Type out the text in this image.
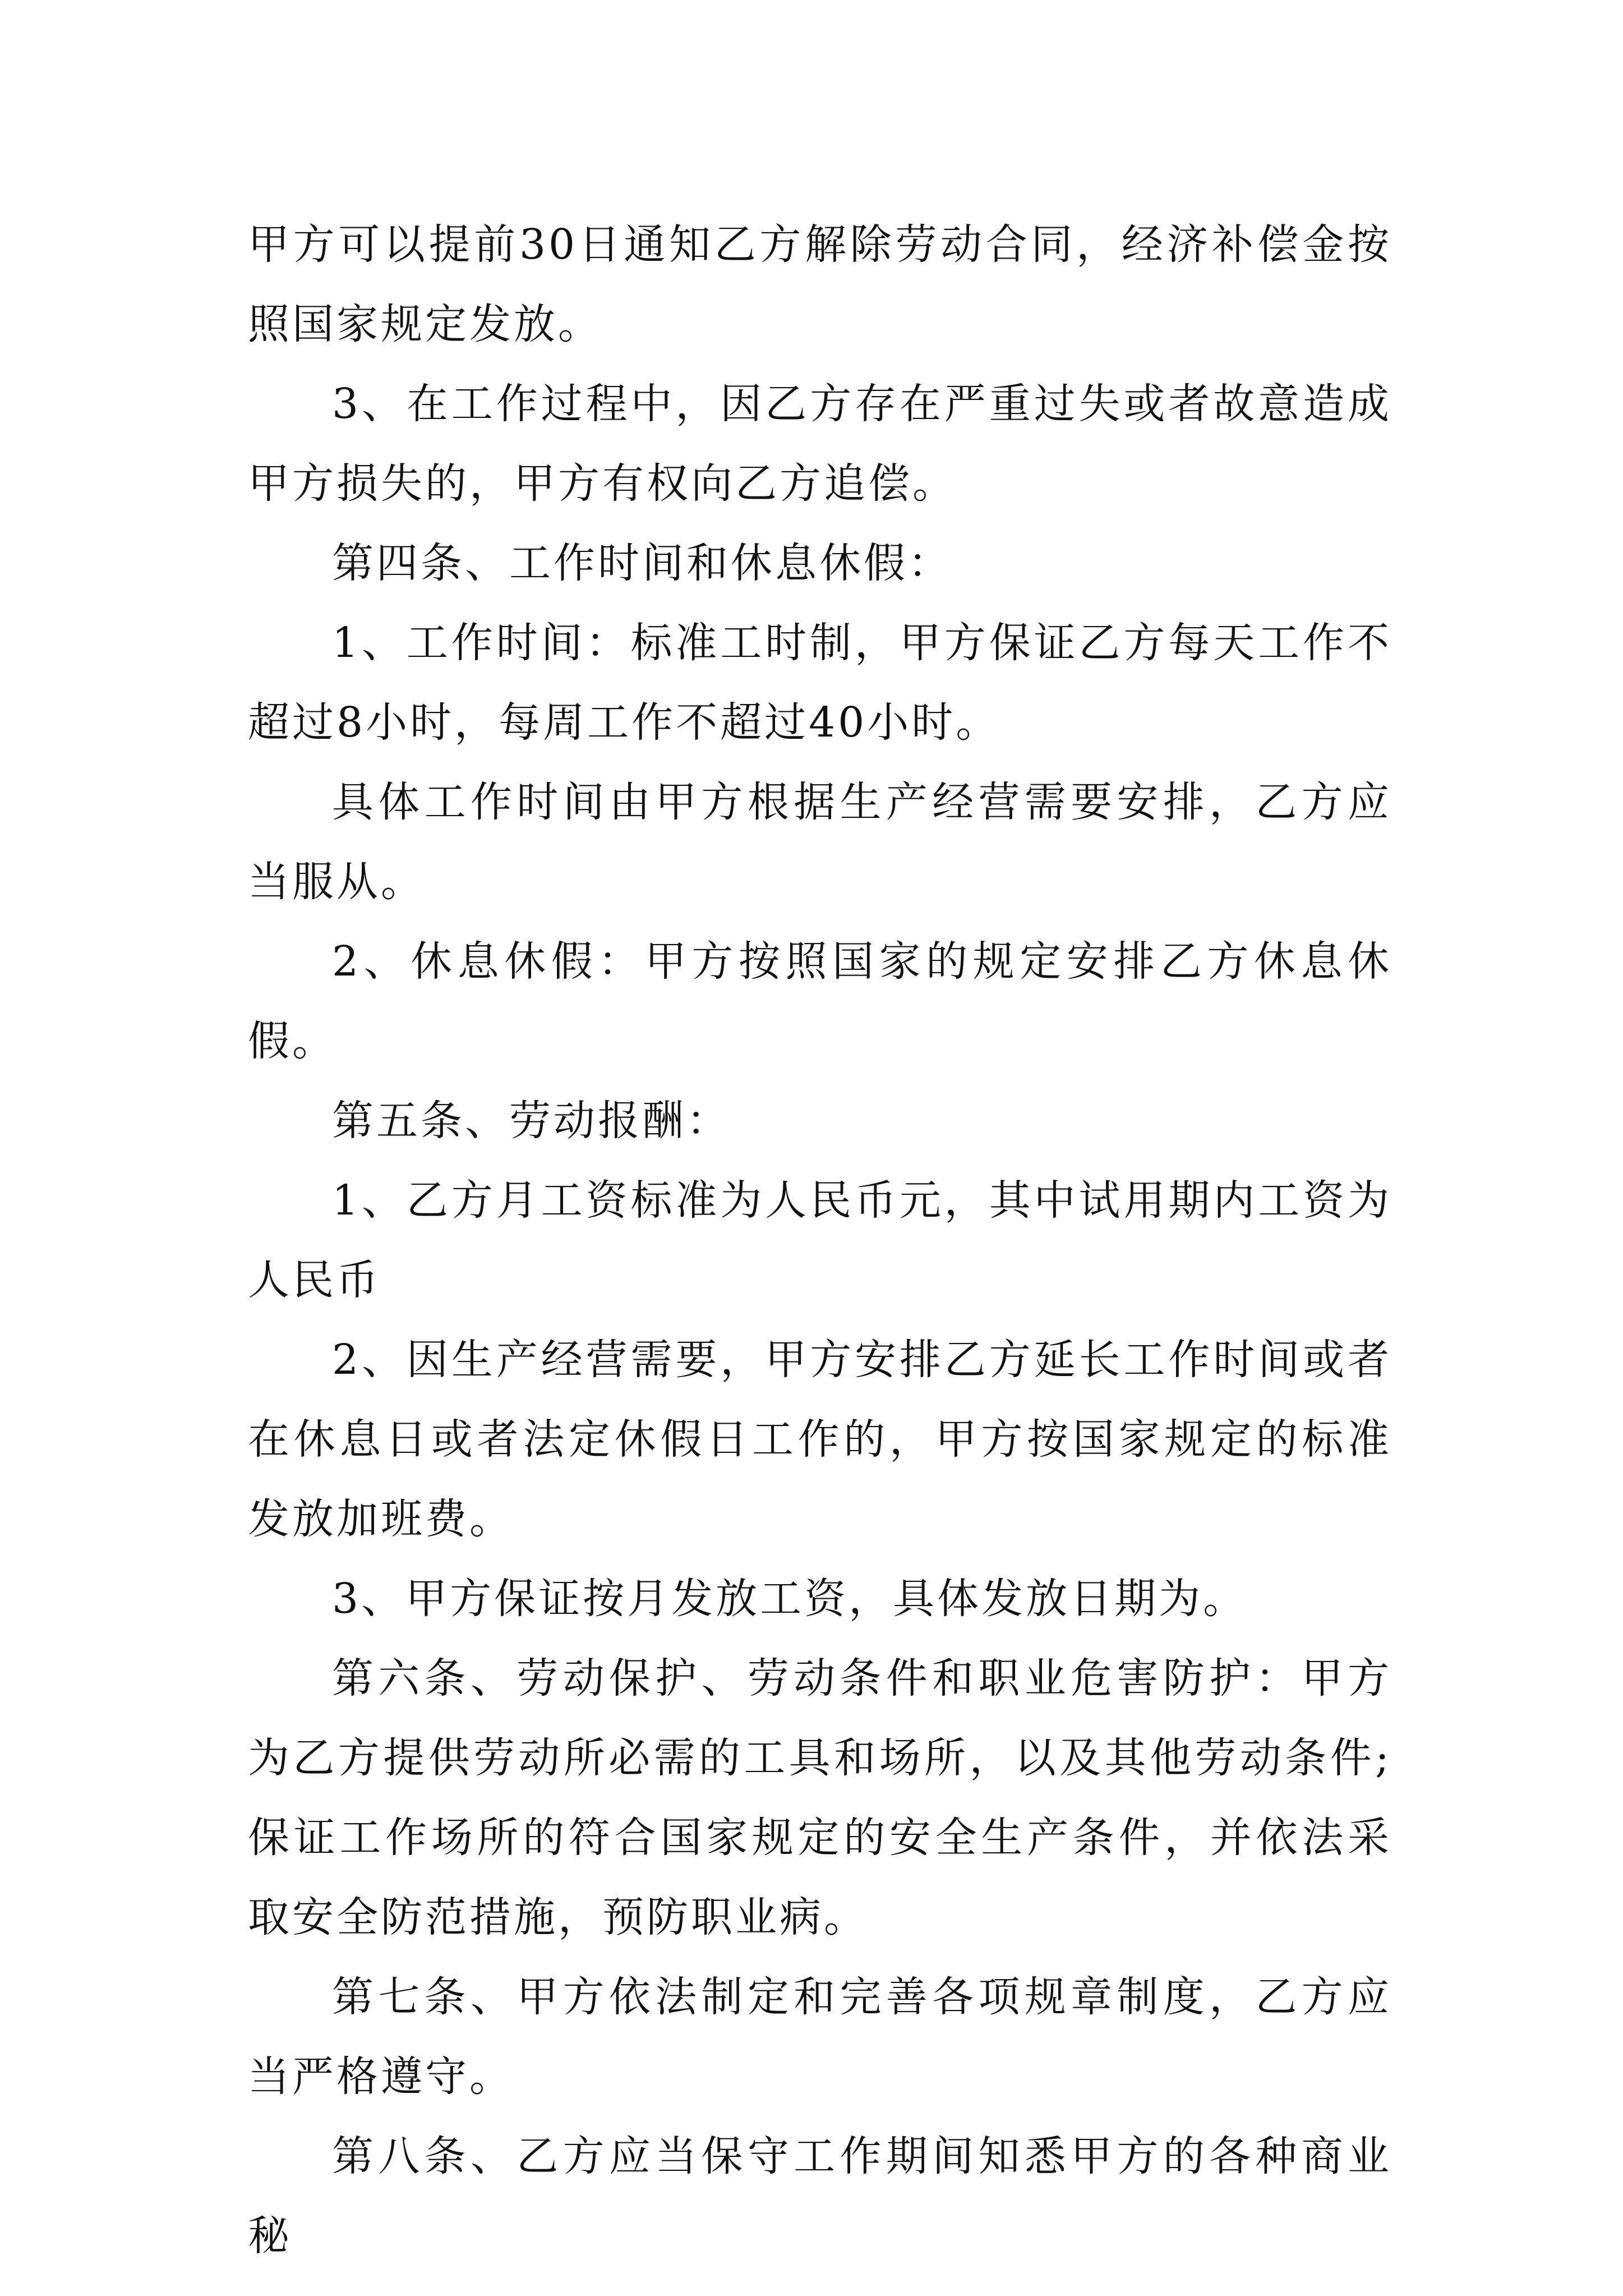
甲方可以提前30日通知乙方解除劳动合同，经济补偿金按照国家规定发放。

3、在工作过程中，因乙方存在严重过失或者故意造成甲方损失的，甲方有权向乙方追偿。

第四条、工作时间和休息休假：

1、工作时间：标准工时制，甲方保证乙方每天工作不超过8小时，每周工作不超过40小时。

具体工作时间由甲方根据生产经营需要安排，乙方应当服从。

2、休息休假：甲方按照国家的规定安排乙方休息休假。

第五条、劳动报酬：

1、乙方月工资标准为人民币元，其中试用期内工资为人民币

2、因生产经营需要，甲方安排乙方延长工作时间或者在休息日或者法定休假日工作的，甲方按国家规定的标准发放加班费。

3、甲方保证按月发放工资，具体发放日期为。

第六条、劳动保护、劳动条件和职业危害防护：甲方为乙方提供劳动所必需的工具和场所，以及其他劳动条件;保证工作场所的符合国家规定的安全生产条件，并依法采取安全防范措施，预防职业病。

第七条、甲方依法制定和完善各项规章制度，乙方应当严格遵守。

第八条、乙方应当保守工作期间知悉甲方的各种商业秘
